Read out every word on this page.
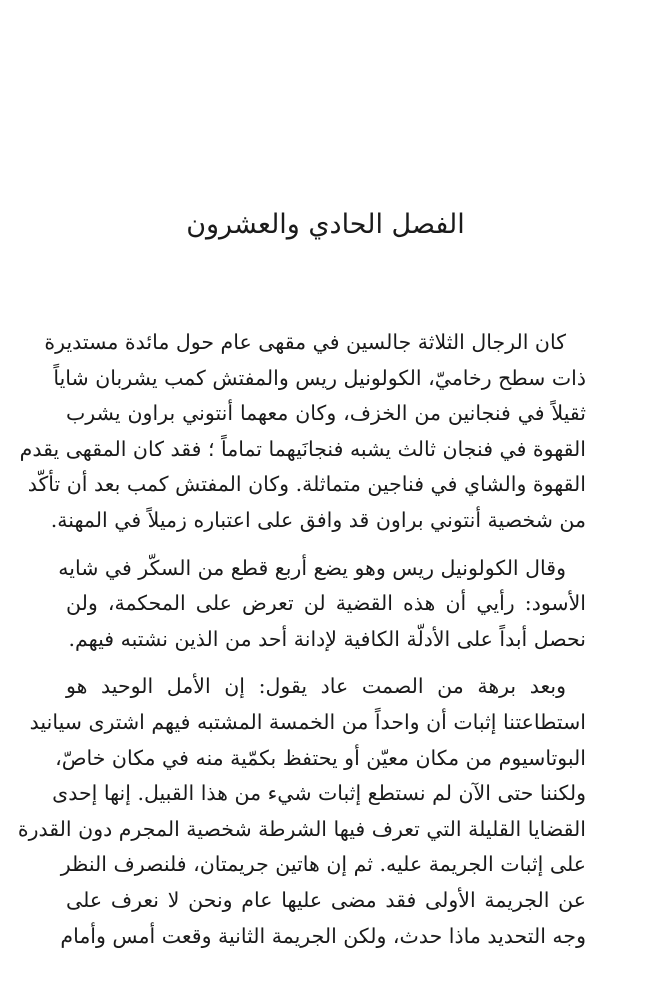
الفصل الحادي والعشرون
كان الرجال الثلاثة جالسين في مقهى عام حول مائدة مستديرة
ذات سطح رخاميّ، الكولونيل ريس والمفتش كمب يشربان شاياً
ثقيلاً في فنجانين من الخزف، وكان معهما أنتوني براون يشرب
القهوة في فنجان ثالث يشبه فنجانَيهما تماماً ؛ فقد كان المقهى يقدم
القهوة والشاي في فناجين متماثلة. وكان المفتش كمب بعد أن تأكّد
من شخصية أنتوني براون قد وافق على اعتباره زميلاً في المهنة.
وقال الكولونيل ريس وهو يضع أربع قطع من السكّر في شايه
الأسود: رأيي أن هذه القضية لن تعرض على المحكمة، ولن
نحصل أبداً على الأدلّة الكافية لإدانة أحد من الذين نشتبه فيهم.
وبعد برهة من الصمت عاد يقول: إن الأمل الوحيد هو
استطاعتنا إثبات أن واحداً من الخمسة المشتبه فيهم اشترى سيانيد
البوتاسيوم من مكان معيّن أو يحتفظ بكمّية منه في مكان خاصّ،
ولكننا حتى الآن لم نستطع إثبات شيء من هذا القبيل. إنها إحدى
القضايا القليلة التي تعرف فيها الشرطة شخصية المجرم دون القدرة
على إثبات الجريمة عليه. ثم إن هاتين جريمتان، فلنصرف النظر
عن الجريمة الأولى فقد مضى عليها عام ونحن لا نعرف على
وجه التحديد ماذا حدث، ولكن الجريمة الثانية وقعت أمس وأمام
